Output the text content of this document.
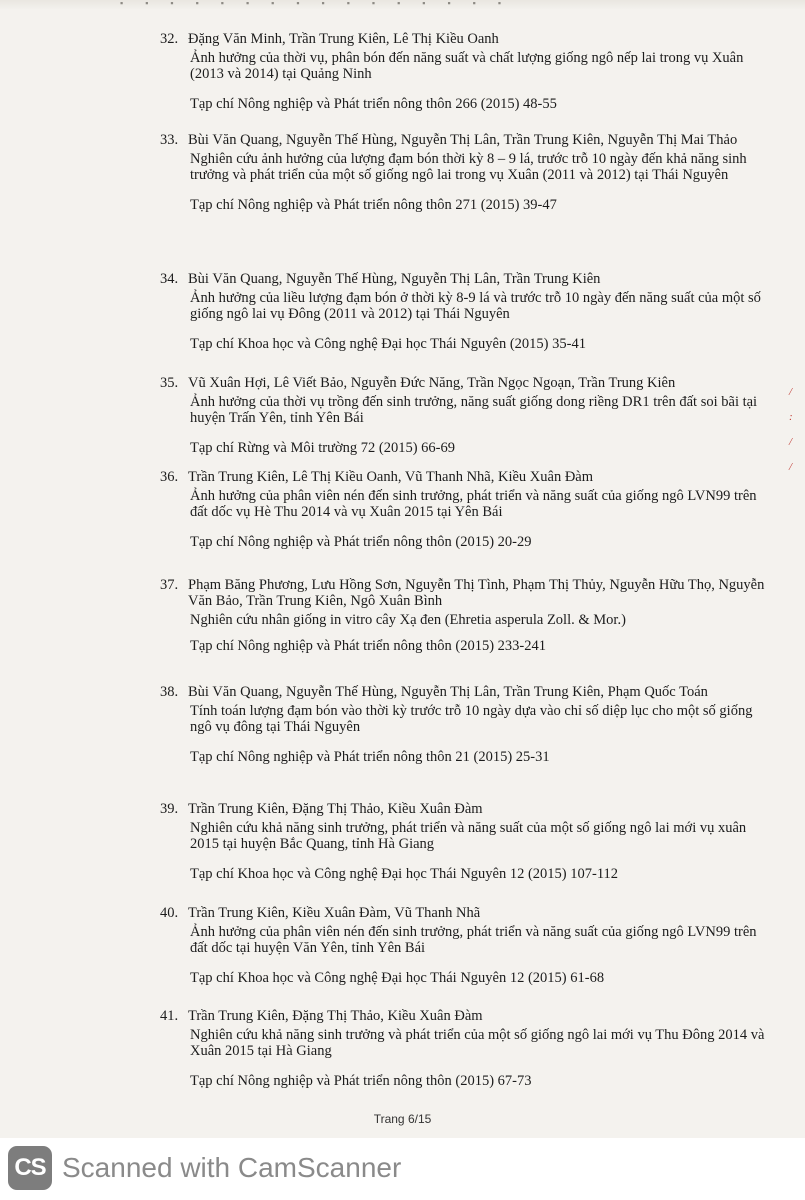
▪▪▪▪▪▪▪▪▪▪▪▪▪▪▪▪
/
:
/
/
32. Đặng Văn Minh, Trần Trung Kiên, Lê Thị Kiều Oanh
Ảnh hưởng của thời vụ, phân bón đến năng suất và chất lượng giống ngô nếp lai trong vụ Xuân (2013 và 2014) tại Quảng Ninh
Tạp chí Nông nghiệp và Phát triển nông thôn 266 (2015) 48-55
33. Bùi Văn Quang, Nguyễn Thế Hùng, Nguyễn Thị Lân, Trần Trung Kiên, Nguyễn Thị Mai Thảo
Nghiên cứu ảnh hưởng của lượng đạm bón thời kỳ 8 – 9 lá, trước trỗ 10 ngày đến khả năng sinh trưởng và phát triển của một số giống ngô lai trong vụ Xuân (2011 và 2012) tại Thái Nguyên
Tạp chí Nông nghiệp và Phát triển nông thôn 271 (2015) 39-47
34. Bùi Văn Quang, Nguyễn Thế Hùng, Nguyễn Thị Lân, Trần Trung Kiên
Ảnh hưởng của liều lượng đạm bón ở thời kỳ 8-9 lá và trước trỗ 10 ngày đến năng suất của một số giống ngô lai vụ Đông (2011 và 2012) tại Thái Nguyên
Tạp chí Khoa học và Công nghệ Đại học Thái Nguyên (2015) 35-41
35. Vũ Xuân Hợi, Lê Viết Bảo, Nguyễn Đức Năng, Trần Ngọc Ngoạn, Trần Trung Kiên
Ảnh hưởng của thời vụ trồng đến sinh trưởng, năng suất giống dong riềng DR1 trên đất soi bãi tại huyện Trấn Yên, tỉnh Yên Bái
Tạp chí Rừng và Môi trường 72 (2015) 66-69
36. Trần Trung Kiên, Lê Thị Kiều Oanh, Vũ Thanh Nhã, Kiều Xuân Đàm
Ảnh hưởng của phân viên nén đến sinh trưởng, phát triển và năng suất của giống ngô LVN99 trên đất dốc vụ Hè Thu 2014 và vụ Xuân 2015 tại Yên Bái
Tạp chí Nông nghiệp và Phát triển nông thôn (2015) 20-29
37. Phạm Băng Phương, Lưu Hồng Sơn, Nguyễn Thị Tình, Phạm Thị Thủy, Nguyễn Hữu Thọ, Nguyễn Văn Bảo, Trần Trung Kiên, Ngô Xuân Bình
Nghiên cứu nhân giống in vitro cây Xạ đen (Ehretia asperula Zoll. & Mor.)
Tạp chí Nông nghiệp và Phát triển nông thôn (2015) 233-241
38. Bùi Văn Quang, Nguyễn Thế Hùng, Nguyễn Thị Lân, Trần Trung Kiên, Phạm Quốc Toán
Tính toán lượng đạm bón vào thời kỳ trước trỗ 10 ngày dựa vào chỉ số diệp lục cho một số giống ngô vụ đông tại Thái Nguyên
Tạp chí Nông nghiệp và Phát triển nông thôn 21 (2015) 25-31
39. Trần Trung Kiên, Đặng Thị Thảo, Kiều Xuân Đàm
Nghiên cứu khả năng sinh trưởng, phát triển và năng suất của một số giống ngô lai mới vụ xuân 2015 tại huyện Bắc Quang, tỉnh Hà Giang
Tạp chí Khoa học và Công nghệ Đại học Thái Nguyên 12 (2015) 107-112
40. Trần Trung Kiên, Kiều Xuân Đàm, Vũ Thanh Nhã
Ảnh hưởng của phân viên nén đến sinh trưởng, phát triển và năng suất của giống ngô LVN99 trên đất dốc tại huyện Văn Yên, tỉnh Yên Bái
Tạp chí Khoa học và Công nghệ Đại học Thái Nguyên 12 (2015) 61-68
41. Trần Trung Kiên, Đặng Thị Thảo, Kiều Xuân Đàm
Nghiên cứu khả năng sinh trưởng và phát triển của một số giống ngô lai mới vụ Thu Đông 2014 và Xuân 2015 tại Hà Giang
Tạp chí Nông nghiệp và Phát triển nông thôn (2015) 67-73
Trang 6/15
CS Scanned with CamScanner
